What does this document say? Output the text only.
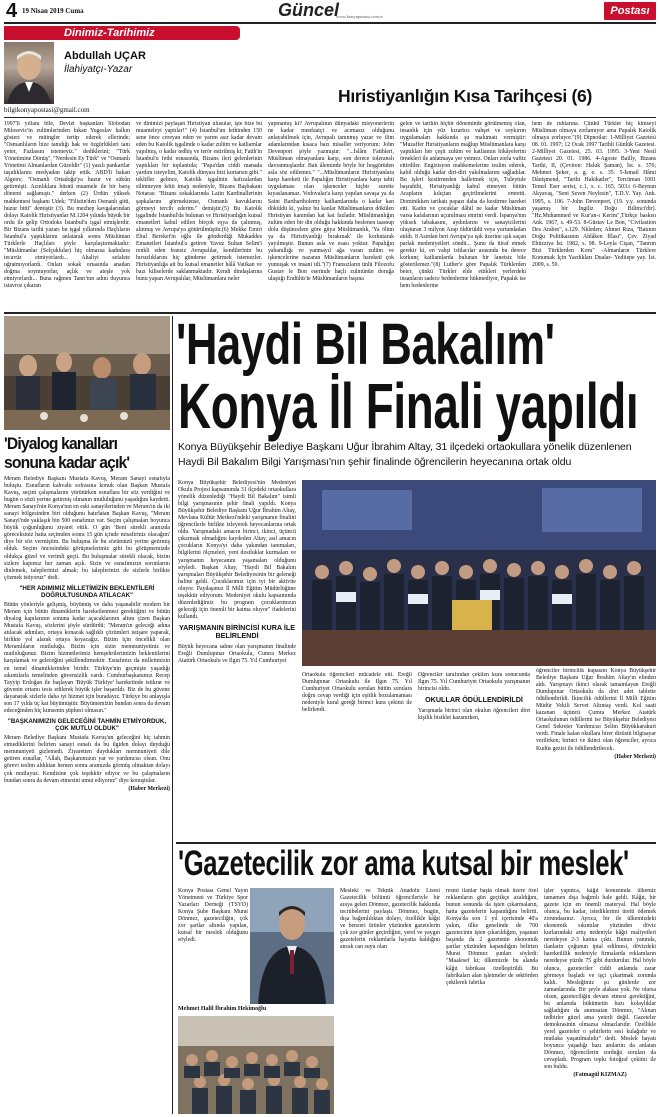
4 19 Nisan 2019 Cuma	Güncel
www.konyapostasi.com.tr	Postası
Dinimiz-Tarihimiz
Abdullah UÇAR
İlahiyatçı-Yazar
bilgikonyapostasi@gmail.com
Hıristiyanlığın Kısa Tarihçesi (6)
1997'li yıllara bile, Devlet başkanları Slobodan Milosevic'in zulümlerinden bıkan Yugoslav halkın gösteri ve mitingler tertip ederek ellerinde; "Osmanlıların bize tanıdığı hak ve özgürlükleri tanı yeter, Fazlasını istemeyiz." dediklerini; "Türk Yönetimine Dönüş", "Nerdesin Ey Türk" ve "Osmanlı Yönetimi Almanlardan Güzeldir" (1) yazılı pankartlar taşıdıklarını medyadan takip ettik. ABD'li bakan Algeirs; "Osmanlı Ortadoğu'ya huzur ve sükûn getirmişti. Azınlıklara hüsnü muamele ile bir barış dönemi sağlamıştı." derken (2) Ürdün yüksek mahkemesi başkanı Udek; "Filistin'den Osmanlı gitti, huzur bitti" demiştir (3). Bu mezhep kavgalarından dolayı Katolik Hıristiyanlar M.1204 yılında büyük bir ordu ile gelip Ortodoks İstanbul'u işgal etmişlerdir. Bir Bizans tarihi yazarı bu işgal yıllarında Haçlıların İstanbul'a yaptıklarını anlatarak sonra Müslüman Türklerle Haçlıları şöyle karşılaştırmaktadır: "Müslümanlar (Selçuklular) hiç olmazsa kadınlara tecavüz etmiyorlardı... Ahaliyi sefalete uğratmıyorlardı. Onları sokak ortasında anadan doğma soymuyorlar, açlık ve ateşle yok etmiyorlardı... Buna rağmen Tanrı'nın adını duyunca istavroz çıkaran
ve dinimizi paylaşan Hıristiyan ulusular, işte bize bu muameleyi yaptılar!" (4) İstanbul'un fethinden 150 sene önce cereyan eden ve yarım asır kadar devam eden bu Katolik işgalinde o kadar zulüm ve katliamlar yapılmış, o kadar tedhiş ve terör estirilmiş ki; Fatih'in İstanbul'u fethi esnasında, Bizans ileri gelenlerinin yaptıkları bir toplantıda; "Papa'dan ciddi manada yardım isteyelim, Katolik dünyası bizi kurtarsın gibi." teklifler gelince, Katolik işgalinin hafızalardan silinmeyen kötü imajı nedeniyle, Bizans Başbakanı Notaras: "Bizans sokaklarında Latin Kardinallerinin şapkalarını görmektense, Osmanlı kavuklarını görmeyi tercih ederim." demiştir.(5) Bu Katolik işgalinde İstanbul'da bulunan ve Hıristiyanlığın kutsal emanetleri kabul edilen birçok eşya da çalınmış, alınmış ve Avrupa'ya götürülmüştür.(6) Mekke Emiri Ebul Bereket'in oğlu ile gönderdiği Mukaddes Emanetleri İstanbul'a getiren Yavuz Sultan Selim'i renkli eden fransız Avrupalılar, kendilerinin bu hırsızlıklarını hiç gündeme getirmek istemezler. Hıristiyanlığa ait bu kutsal emanetler hâlâ Vatikan ve bazı kiliselerde saklanmaktadır. Kendi dindaşlarına bunu yapan Avrupalılar, Müslümanlara neler
yapmamış ki? Avrupalının dünyadaki misyonerlerin ne kadar menfaatçi ve acımasız olduğunu anlayabilmek için, Avrupalı tanınmış yazar ve ilim adamlarından kısaca bazı misaller veriyorum: John Devenport şöyle yazmıştır: "...İslâm Fatihleri, Müslüman olmayanlara karşı, son derece toleranslı davranmışlardır. Batı âleminde böyle bir hoşgörüden asla söz edilemez." "...Müslümanların Hıristiyanlara karşı hareketi ile Papalığın Hıristiyanlara karşı tabii uygulaması olan işkenceler hiçbir surette kıyaslanamaz. Vodovalar'a karşı yapılan savaşa ya da Saint Barthartholemy katliamlarında o kadar kan döküldü ki, yalnız bu kanlar Müslümanların dökülen Hıristiyan kanından kat kat fazladır. Müslümanlığın zulüm eden bir din olduğu hakkında beslenen taassup dolu düşüncelere göre güya Müslümanlık, 'Ya ölüm ya da Hıristiyanlığı bırakmak' ile korkutarak yayılmıştır. Bunun asla ve esası yoktur. Papalığın yabanıllığı ve yanmayıl ağa varan zulüm ve işkencelerine nazaran Müslümanların hareketi çok yumuşak ve insani idi."(7) Fransızların ünlü Filozofu Gustav le Bon eserinde haçlı zulmünün doruğa ulaştığı Endülüs'te Müslümanların başına
gelen ve tarihin hiçbir döneminde görülmemiş olan, insanlık için yüz kızartıcı vahşet ve soykırım uygulamaları hakkında şu malumatı vermiştir: "Muzaffer Hıristiyanların mağlup Müslümanlara karşı yaptıkları her çeşit zulüm ve katliamın hikâyelerini örnekleri ile anlatmaya yer yetmez. Onları zorla vaftiz ettirdiler. Engizisyon mahkemelerine teslim ederek, kabil olduğu kadar diri-diri yakılmalarını sağladılar. Bu işleri kestirmeden halletmek için, Tuleytule başrahibi, Hıristiyanlığı kabul etmeyen bütün Arapların kılıçtan geçirilmelerini emretti. Dominikken tarikatı papazı daha da kestirme hareket etti. Kadın ve çocuklar dâhil ne kadar Müslüman varsa kafalarının uçurulması emrini verdi. İspanya'nın yüksek tabakasını, aydınlarını ve sanayicilerini oluşturan 3 milyon Arap öldürüldü veya yurtundadan atıldı. 8 Asırdan beri Avrupa'ya ışık üzerine ışık saçan parlak medeniyetleri söndü... Şunu da itiraf etmek gerekir ki, en vahşi istilacılar arasında bu derece korkunç katliamlarda bulunan bir lanetsiz bile gösterilemez."(8) Luther'e göre Papalık Türklerden beter, çünkü Türkler elde ettikleri yerlerdeki insanların sadece bedenlerine hükmediyor, Papalık ise hem bedenlerine
hem de ruhlarına. Çünkü Türkler hiç kimseyi Müslüman olmaya zorlamıyor ama Papalık Katolik olmaya zorluyor."(9) Dipnotlar: 1-Milliyet Gazetesi 08. 01. 1997; 12 Ocak 1997 Tarihli Günlük Gazetesi. 2-Milliyet Gazetesi, 25. 03. 1995. 3-Yeni Nesil Gazetesi 20. 01. 1986. 4-Agoste Bailly, Bizans Tarihi, II, (Çeviren: Haluk Şaman), İst. s. 376; Mehmet Şeker, a. g. e. s. 35. 5-İsmail Hâmi Dânişmend, "Tarihi Hakikatler", Tercüman 1001 Temel Eser serisi, c.1, s. c. 165, 503.t 6-Beynun Akyavaş, "Seni Seven Neylesin", T.D.V. Yay. Ank. 1995, s. 106. 7-John Devenport, (19. y.y. sonunda yaşamış bir İngiliz Doğu Bilimci'dir). "Hz.Muhammed ve Kur'an-ı Kerim",Türkçe baskısı Ank. 1967, s. 49-53. 8-Güstav Le Bon, "Civilastion Des Arabes", s.129. Nkleden; Ahmet Rıza, "Batının Doğu Politikasının Ahlâken İflası", Çev. Ziyad Ebüzziya İst. 1982, s. 98. 9-Leyla Cişan, "Tanrım Bizi Türklerden Koru" -Almanların Türklere Konumak İçin Yazdıkları Dualar- Yediiepe yay. İst. 2009, s. 59.
'Diyalog kanalları sonuna kadar açık'

Meram Belediye Başkanı Mustafa Kavuş, Meram Sanayi esnafıyla buluştu. Esnafların kahvaltı sofrasına konuk olan Başkan Mustafa Kavuş, seçim çalışmalarını yürütürken esnaflara bir söz verdiğini ve bugün o sözü yerine getirmiş olmanın mutluluğunu yaşadığını kaydetti. Meram Sanayi'nin Konya'nın en eski sanayilerinden ve Meram'ın da iki sanayi bölgesinden biri olduğunu hatırlatan Başkan Kavuş, "Meram Sanayi'nde yaklaşık bin 500 esnafımız var. Seçim çalışmaları boyunca büyük çoğunluğunu ziyaret ettik. O gün 'Beni sürekli aranızda göreceksiniz hatta seçimden sonra 15 gün içinde misafiriniz olacağım' diye bir söz vermiştim. Bu buluşma ile bu sözümüzü yerine getirmiş olduk. Seçim öncesindeki görüşmelerimiz gibi bu görüşmemizde oldukça güzel ve verimli geçti. Bu buluşmalar sürekli olacak, bizim sizlere kapımız her zaman açık. Sizin ve esnafımızın sorunlarını dinlemek, taleplerinizi almak; bu taleplerinizi de sizlerle birlikte çözmek istiyoruz" dedi.

"HER ADIMIMIZ MİLLETİMİZİN BEKLENTİLERİ DOĞRULTUSUNDA ATILACAK"

Bütün yönleriyle gelişmiş, büyümüş ve daha yaşanabilir modern bir Meram için bütün dinamiklerin hareketlenmesi gerektiğini ve bütün diyalog kapılarının sonuna kadar açacaklarının altını çizen Başkan Mustafa Kavuş, sözlerini şöyle sürdürdü; "Meram'ın geleceği adına atılacak adımları, ortaya konacak sağlıklı çözümleri istişare yaparak, birlikte yol alarak ortaya koyacağız. Bizim için öncelikli olan Meramlıların mutluluğu. Bizim için sizin memnuniyetiniz ve mutluluğunuz. Bizim hizmetlerimiz hemşehrilerimizin beklentilerini karşılamak ve geleceğini şekillendirmektir. Esnafımız da milletimizin en temel dinamiklerinden biridir. Türkiye'nin geçmişte yaşadığı sıkıntılarla temelinden güvensizlik vardı. Cumhurbaşkanımız Recep Tayyip Erdoğan ile başlayan 'Büyük Türkiye' hareketinde istikrar ve güvenin ortamı tesis edilerek büyük işler başarıldı. Biz de bu güvene dayanarak sizlerle daha iyi hizmet için buradayız. Türkiye bu anlayışla son 17 yılda üç kat büyümüştür. Büyümemizin bundan sonra da devam edeceğinden hiç kimsenin şüphesi olmasın."

"BAŞKANIMIZIN GELECEĞİNİ TAHMİN ETMİYORDUK, ÇOK MUTLU OLDUK"

Meram Belediye Başkanı Mustafa Kavuş'un geleceğini hiç tahmin etmediklerini belirten sanayi esnafı da bu ilgiden dolayı duyduğu memnuniyeti gizlemedi. Ziyaretten duydukları memnuniyeti dile getiren esnaflar, "Allah, Başkanımızın yar ve yardımcısı olsun. Onu görevi teslim aldıktan hemen sonra aramızda görmüş olmaktan dolayı çok mutluyuz. Kendisine çok teşekkür ediyor ve bu çalışmaların bundan sonra da devam etmesini umut ediyoruz" diye konuştular.

(Haber Merkezi)

'Haydi Bil Bakalım'
Konya İl Finali yapıldı
Konya Büyükşehir Belediye Başkanı Uğur İbrahim Altay, 31 ilçedeki ortaokullara yönelik düzenlenen Haydi Bil Bakalım Bilgi Yarışması'nın şehir finalinde öğrencilerin heyecanına ortak oldu

Konya Büyükşehir Belediyesi'nin Medeniyet Okulu Projesi kapsamında 31 ilçedeki ortaokullara yönelik düzenlediği "Haydi Bil Bakalım" isimli bilgi yarışmasının şehir finali yapıldı. Konya Büyükşehir Belediye Başkanı Uğur İbrahim Altay, Mevlana Kültür Merkezi'ndeki yarışmanın finalini öğrencilerle birlikte izleyerek heyecanlarına ortak oldu. Yarışmadaki amacın birinci, ikinci, üçüncü çıkarmak olmadığını kaydeden Altay, asıl amacın çocukların Konya'yı daha yakından tanımaları, bilgilerini ölçmeleri, yeni dostluklar kurmaları ve yarışmanın heyecanını yaşamaları olduğunu söyledi. Başkan Altay, "Haydi Bil Bakalım yarışmaları Büyükşehir Belediyesinin bir geleneği haline geldi. Çocuklarımız için iyi bir aktivite oluyor. Paydaşımız İl Milli Eğitim Müdürlüğüne teşekkür ediyorum. Medeniyet okulu kapsamında düzenlediğimiz bu program çocuklarımızın geleceği için önemli bir katma oluyor" ifadelerini kullandı.

YARIŞMANIN BİRİNCİSİ KURA İLE BELİRLENDİ

Büyük heyecana sahne olan yarışmanın finalinde Ereğli Dumlupınar Ortaokulu, Cumra Merkez Atatürk Ortaokulu ve Ilgın 75. Yıl Cumhuriyet

Ortaokulu öğrencileri mücadele etti. Ereğli Dumlupınar Ortaokulu ile Ilgın 75. Yıl Cumhuriyet Ortaokulu sorulan bütün sorulara doğru cevap verdiği için eşitlik bozulamaması nedeniyle kural gereği birinci kura çekimi ile belirlendi.

Öğrenciler tarafından çekilen kura sonucunda Ilgın 75. Yıl Cumhuriyet Ortaokulu yarışmanın birincisi oldu.

OKULLAR ÖDÜLLENDİRİLDİ

Yarışmada birinci olan okulun öğrencileri dört kişilik bisiklet kazanırken,

öğrenciler birincilik kupasını Konya Büyükşehir Belediye Başkanı Uğur İbrahim Altay'ın elinden aldı. Yarışmayı ikinci olarak tamamlayan Ereğli Dumlupınar Ortaokulu da dört adet tablette ödüllendirildi. İkincilik ödüllerini İl Milli Eğitim Müdür Vekili Servet Altıntaş verdi. Kol saati kazanan üçüncü Çumra Merkez Atatürk Ortaokulunun ödüllerini ise Büyükşehir Belediyesi Genel Sekreter Yardımcısı Selim Büyükkarakurt verdi. Finale kalan okullara birer dizüstü bilgisayar verilirken; birinci ve ikinci olan öğrenciler, ayrıca Kudüs gezisi ile ödüllendirilecek.

(Haber Merkezi)

'Gazetecilik zor ama kutsal bir meslek'

Konya Postası Genel Yayın Yönetmeni ve Türkiye Spor Yazarları Derneği (TSYD) Konya Şube Başkanı Murat Dönmez, gazeteciliğin, çok zor şartlar altında yapılan, kutsal bir meslek olduğunu söyledi.

Mehmet Halil İbrahim Hekimoğlu
Mesleki ve Teknik Anadolu Lisesi Gazetecilik bölümü öğrencileriyle bir araya gelen Dönmez, gazetecilik hakkında tecrübelerini paylaştı. Dönmez, bugün, dışa bağımlılıktan dolayı, özellikle kâğıt ve benzeri ürünler yüzünden gazetelerin çok zor günler geçirdiğini, yerel ve yaygın gazetelerin reklamlarla hayatta kaldığını ancak can suyu olan
resmi ilanlar başta olmak üzere özel reklamların gün geçtikçe azaldığını, bunun sonunda da işten çıkarmaların, hatta gazetelerin kapandığını belirtti. Konya'da son 1 yıl içerisinde 40'a yakın, ülke genelinde de 700 gazetecinin işten çıkarıldığını, yaşanan başında da 2 gazetenin ekonomik şartlar yüzünden kapandığını belirten Murat Dönmez şunları söyledi: "Maalesef ki; ülkemizde bu alanda kâğıt fabrikası özelleştirildi. Bu fabrikaları alan işletmeler de sektörden çekilerek fabrika

işler yapınca, kâğıt konusunda ülkemiz tamamen dışa bağımlı hale geldi. Kâğıt, bir gazete için en önemli materyal. Hal böyle olunca, bu kadar, istediklerimi üretti ödemek zorundasınız. Ayrıca, bir ile ülkemizdeki ekonomik sıkıntılar yüzünden döviz kurlarındaki artış nedeniyle kâğıt maliyetleri neredeyse 2-3 katına çıktı. Bunun yanında, ilanlarin çoğunun iptal edilmesi, dövizdeki hareketlilik nedeniyle firmalarda reklamların neredeyse yüzde 75 gibi durdurulur. Hal böyle olunca, gazeteciler ciddi anlamda zarar görmeye başladı ve işçi çıkartmak zorunda kaldı. Mesleğimiz şu günlerde zor zamanlarında. Bir şeyle alakası yok. Ne olursa olsun, gazeteciliğin devam etmesi gerektiğini, bu anlamda hükümetin bazı kolaylıklar sağladığını da anımsatan Dönmez, "Alınan tedbirler güzel ama yeterli değil. Gazeteler demokrasinin olmazsa olmazlarıdır. Özellikle yerel gazeteler o şehirlerin sesi kulağıdır ve mutlaka yaşatılmalıdır" dedi. Meslek hayatı boyunca yaşadığı bazı anılarını da anlatan Dönmez, öğrencilerin sorduğu soruları da cevapladı. Program toplu fotoğraf çekimi ile son buldu.

(Fatmagül KIZMAZ)
